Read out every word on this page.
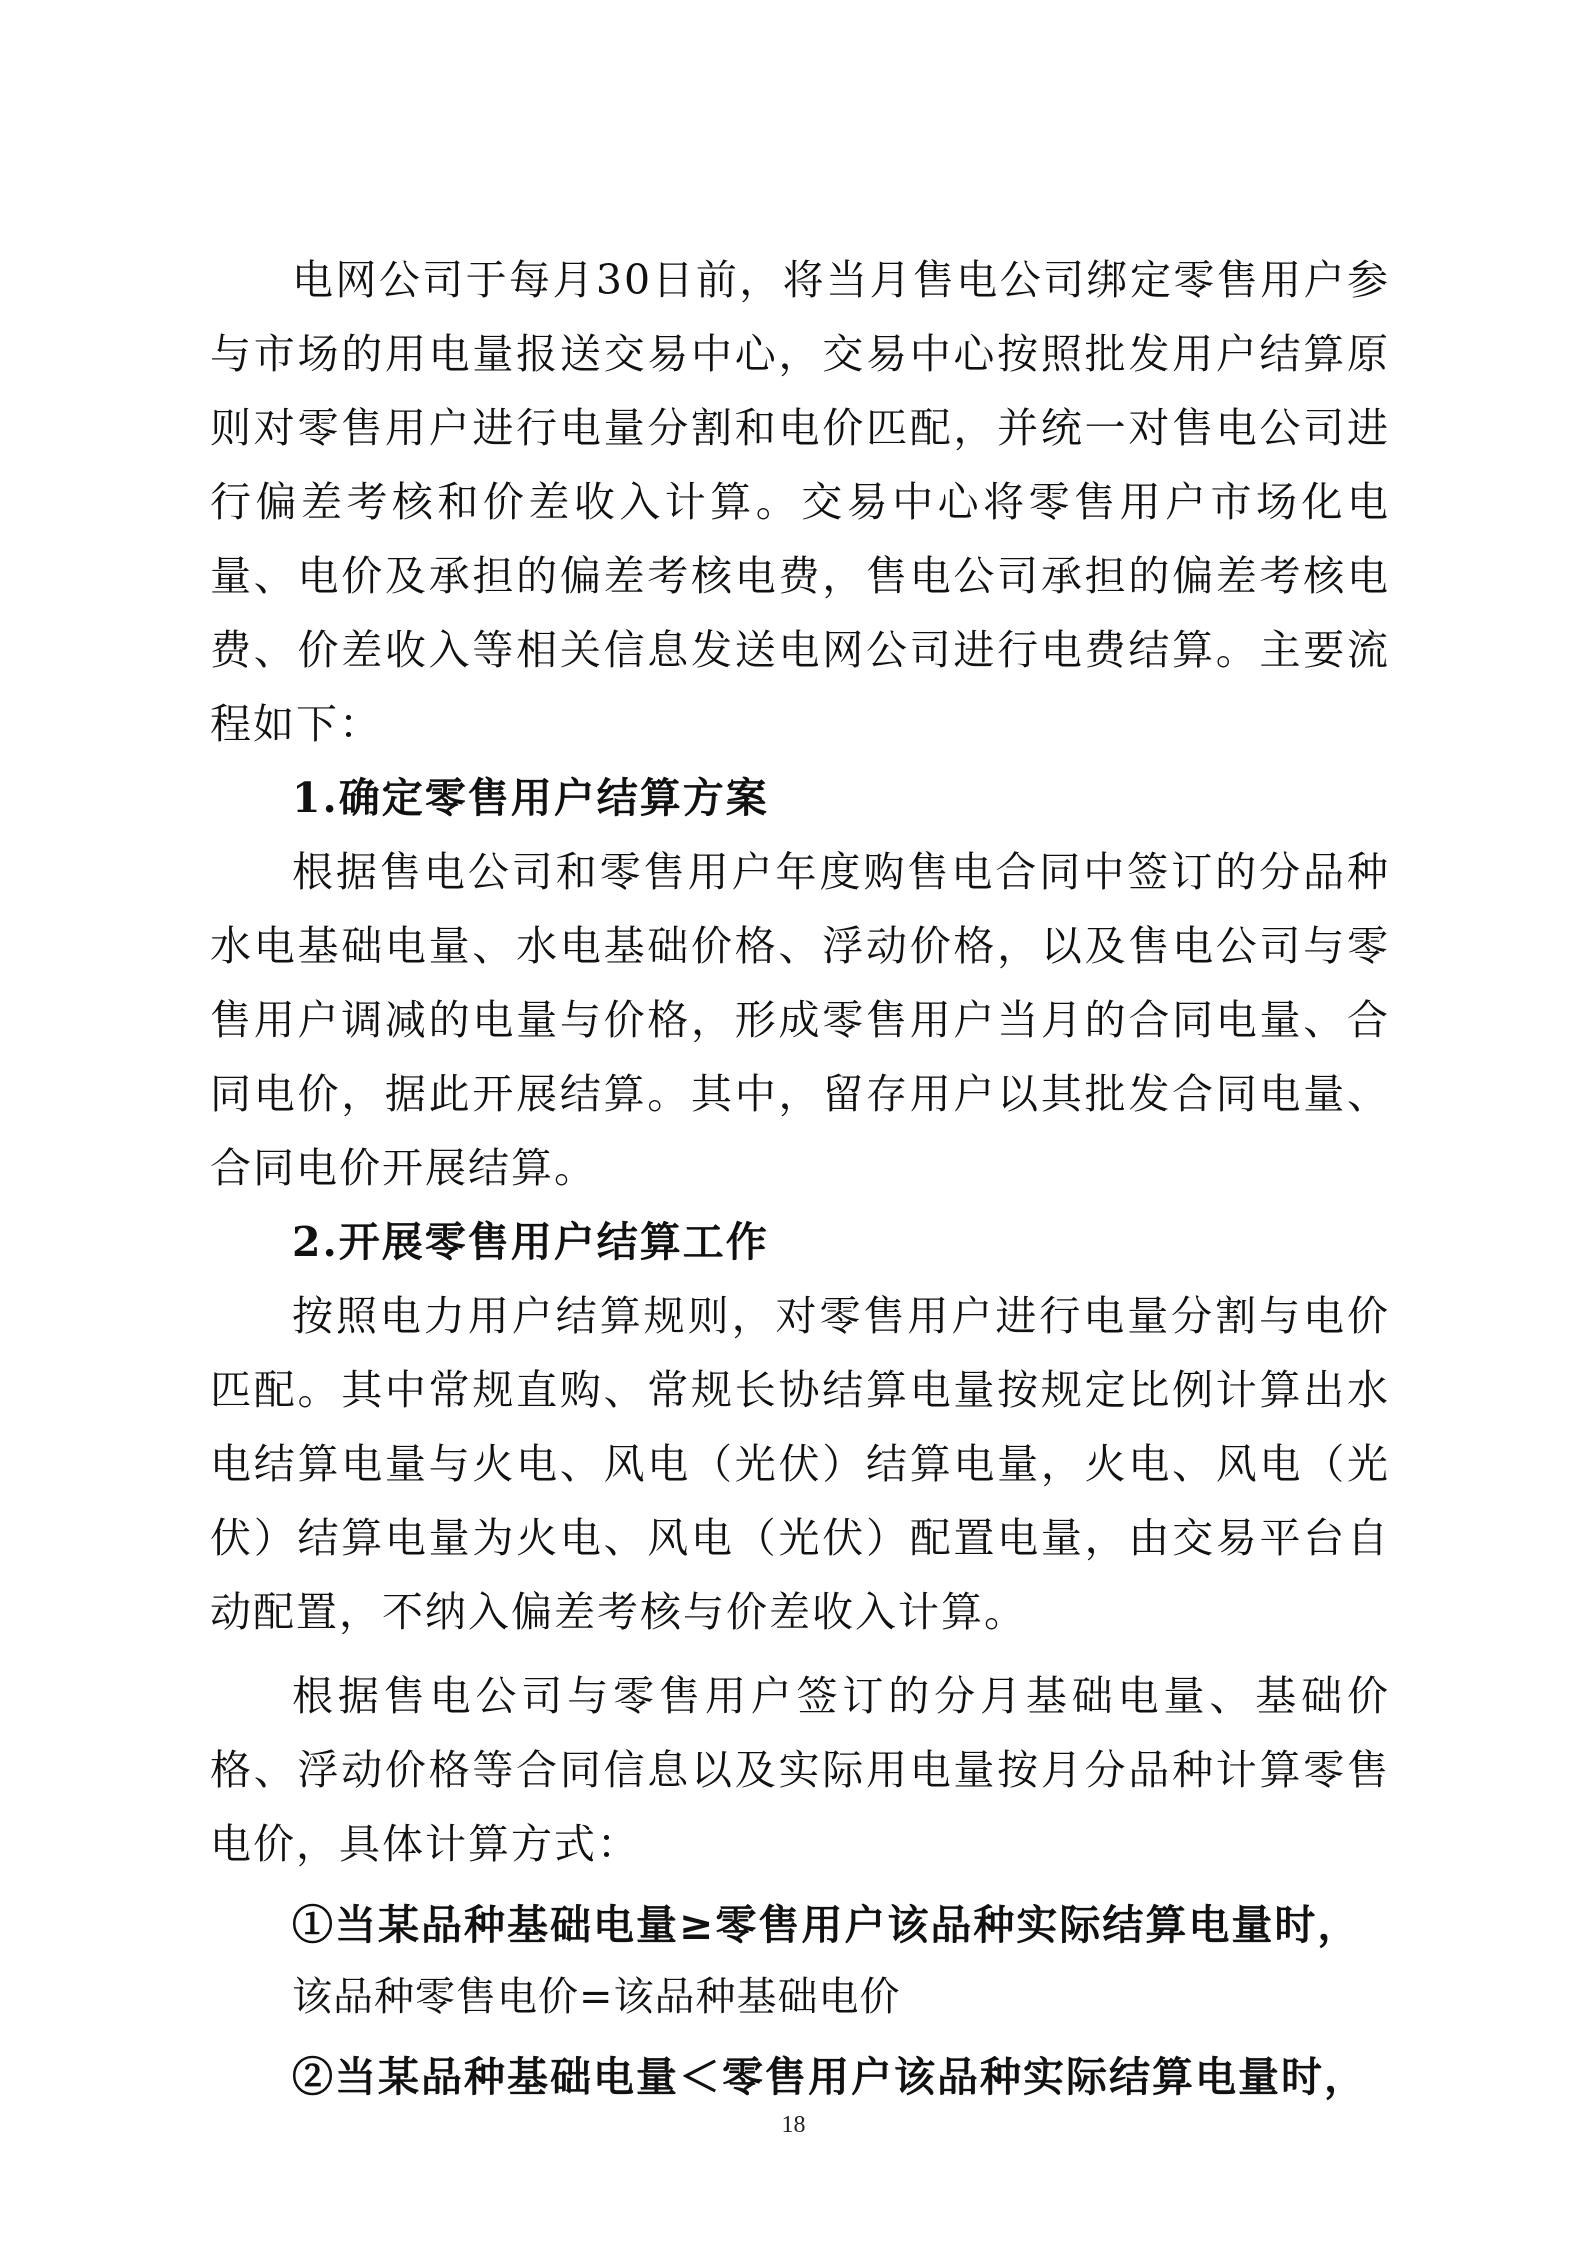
电网公司于每月30日前，将当月售电公司绑定零售用户参与市场的用电量报送交易中心，交易中心按照批发用户结算原则对零售用户进行电量分割和电价匹配，并统一对售电公司进行偏差考核和价差收入计算。交易中心将零售用户市场化电量、电价及承担的偏差考核电费，售电公司承担的偏差考核电费、价差收入等相关信息发送电网公司进行电费结算。主要流程如下：

1.确定零售用户结算方案

根据售电公司和零售用户年度购售电合同中签订的分品种水电基础电量、水电基础价格、浮动价格，以及售电公司与零售用户调减的电量与价格，形成零售用户当月的合同电量、合同电价，据此开展结算。其中，留存用户以其批发合同电量、合同电价开展结算。

2.开展零售用户结算工作

按照电力用户结算规则，对零售用户进行电量分割与电价匹配。其中常规直购、常规长协结算电量按规定比例计算出水电结算电量与火电、风电（光伏）结算电量，火电、风电（光伏）结算电量为火电、风电（光伏）配置电量，由交易平台自动配置，不纳入偏差考核与价差收入计算。

根据售电公司与零售用户签订的分月基础电量、基础价格、浮动价格等合同信息以及实际用电量按月分品种计算零售电价，具体计算方式：

①当某品种基础电量≥零售用户该品种实际结算电量时，

该品种零售电价=该品种基础电价

②当某品种基础电量＜零售用户该品种实际结算电量时，

18
